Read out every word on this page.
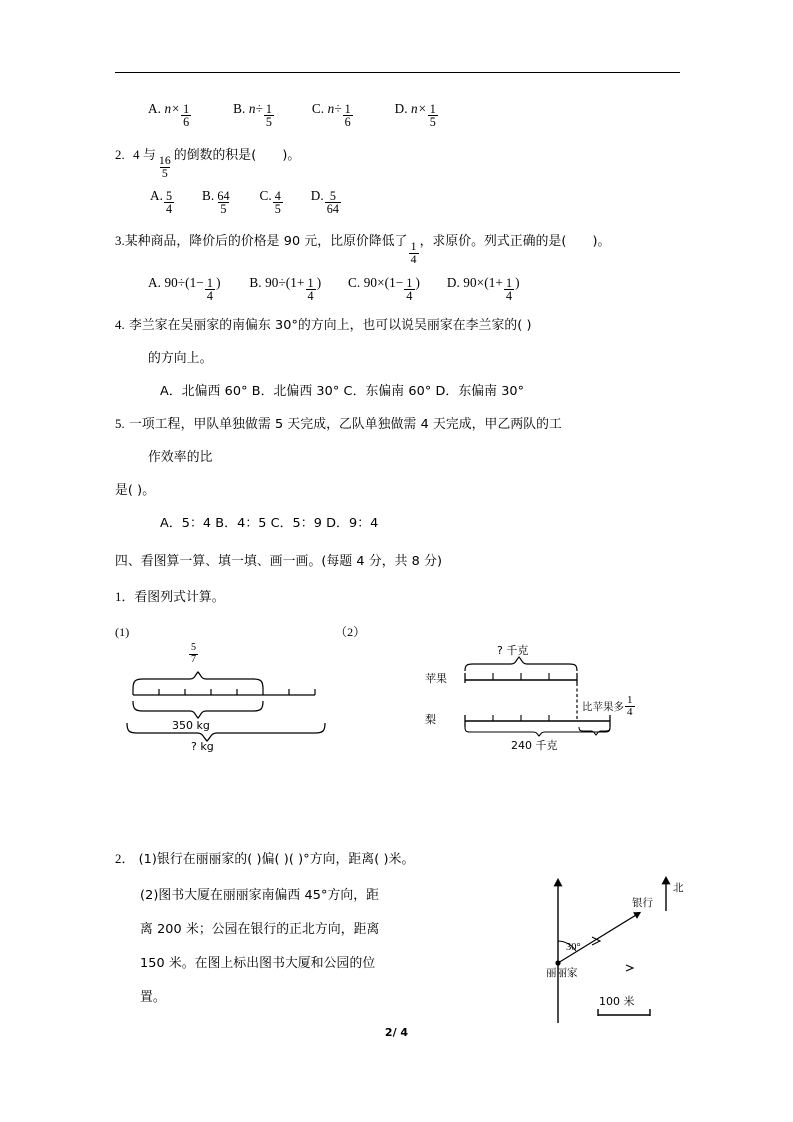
A.
$n\times \frac{1}{6}$
	B.
$n\div \frac{1}{5}$
	C.
$n\div \frac{1}{6}$
	D.
$n\times \frac{1}{5}$
2. 4 与 $\frac{16}{5}$ 的倒数的积是( )。
A. $\frac{5}{4}$
B. $\frac{64}{5}$
C. $\frac{4}{5}$
D. $\frac{5}{64}$
3.某种商品，降价后的价格是 90 元，比原价降低了 $\frac{1}{4}$ ，求原价。列式正确的是( )。
A.
$90\div(1- \frac{1}{4}$ )
B.
$90\div(1+ \frac{1}{4}$ )
C.
$90\times(1- \frac{1}{4}$ )
D.
$90\times(1+ \frac{1}{4}$ )
4. 李兰家在吴丽家的南偏东 30°的方向上，也可以说吴丽家在李兰家的( )
的方向上。
A．北偏西 60° B．北偏西 30° C．东偏南 60° D．东偏南 30°
5. 一项工程，甲队单独做需 5 天完成，乙队单独做需 4 天完成，甲乙两队的工
作效率的比
是( )。
A．5：4 B．4：5 C．5：9 D．9：4
四、看图算一算、填一填、画一画。(每题 4 分，共 8 分)
1．看图列式计算。
(1)	（2）
$\frac{5}{7}$
350 kg
? kg
苹果
梨
? 千克
240 千克
比苹果多 $\frac{1}{4}$
2． (1)银行在丽丽家的( )偏( )( )°方向，距离( )米。
(2)图书大厦在丽丽家南偏西 45°方向，距
离 200 米；公园在银行的正北方向，距离
150 米。在图上标出图书大厦和公园的位
置。
丽丽家
银行
北
30°
100 米
2/ 4
